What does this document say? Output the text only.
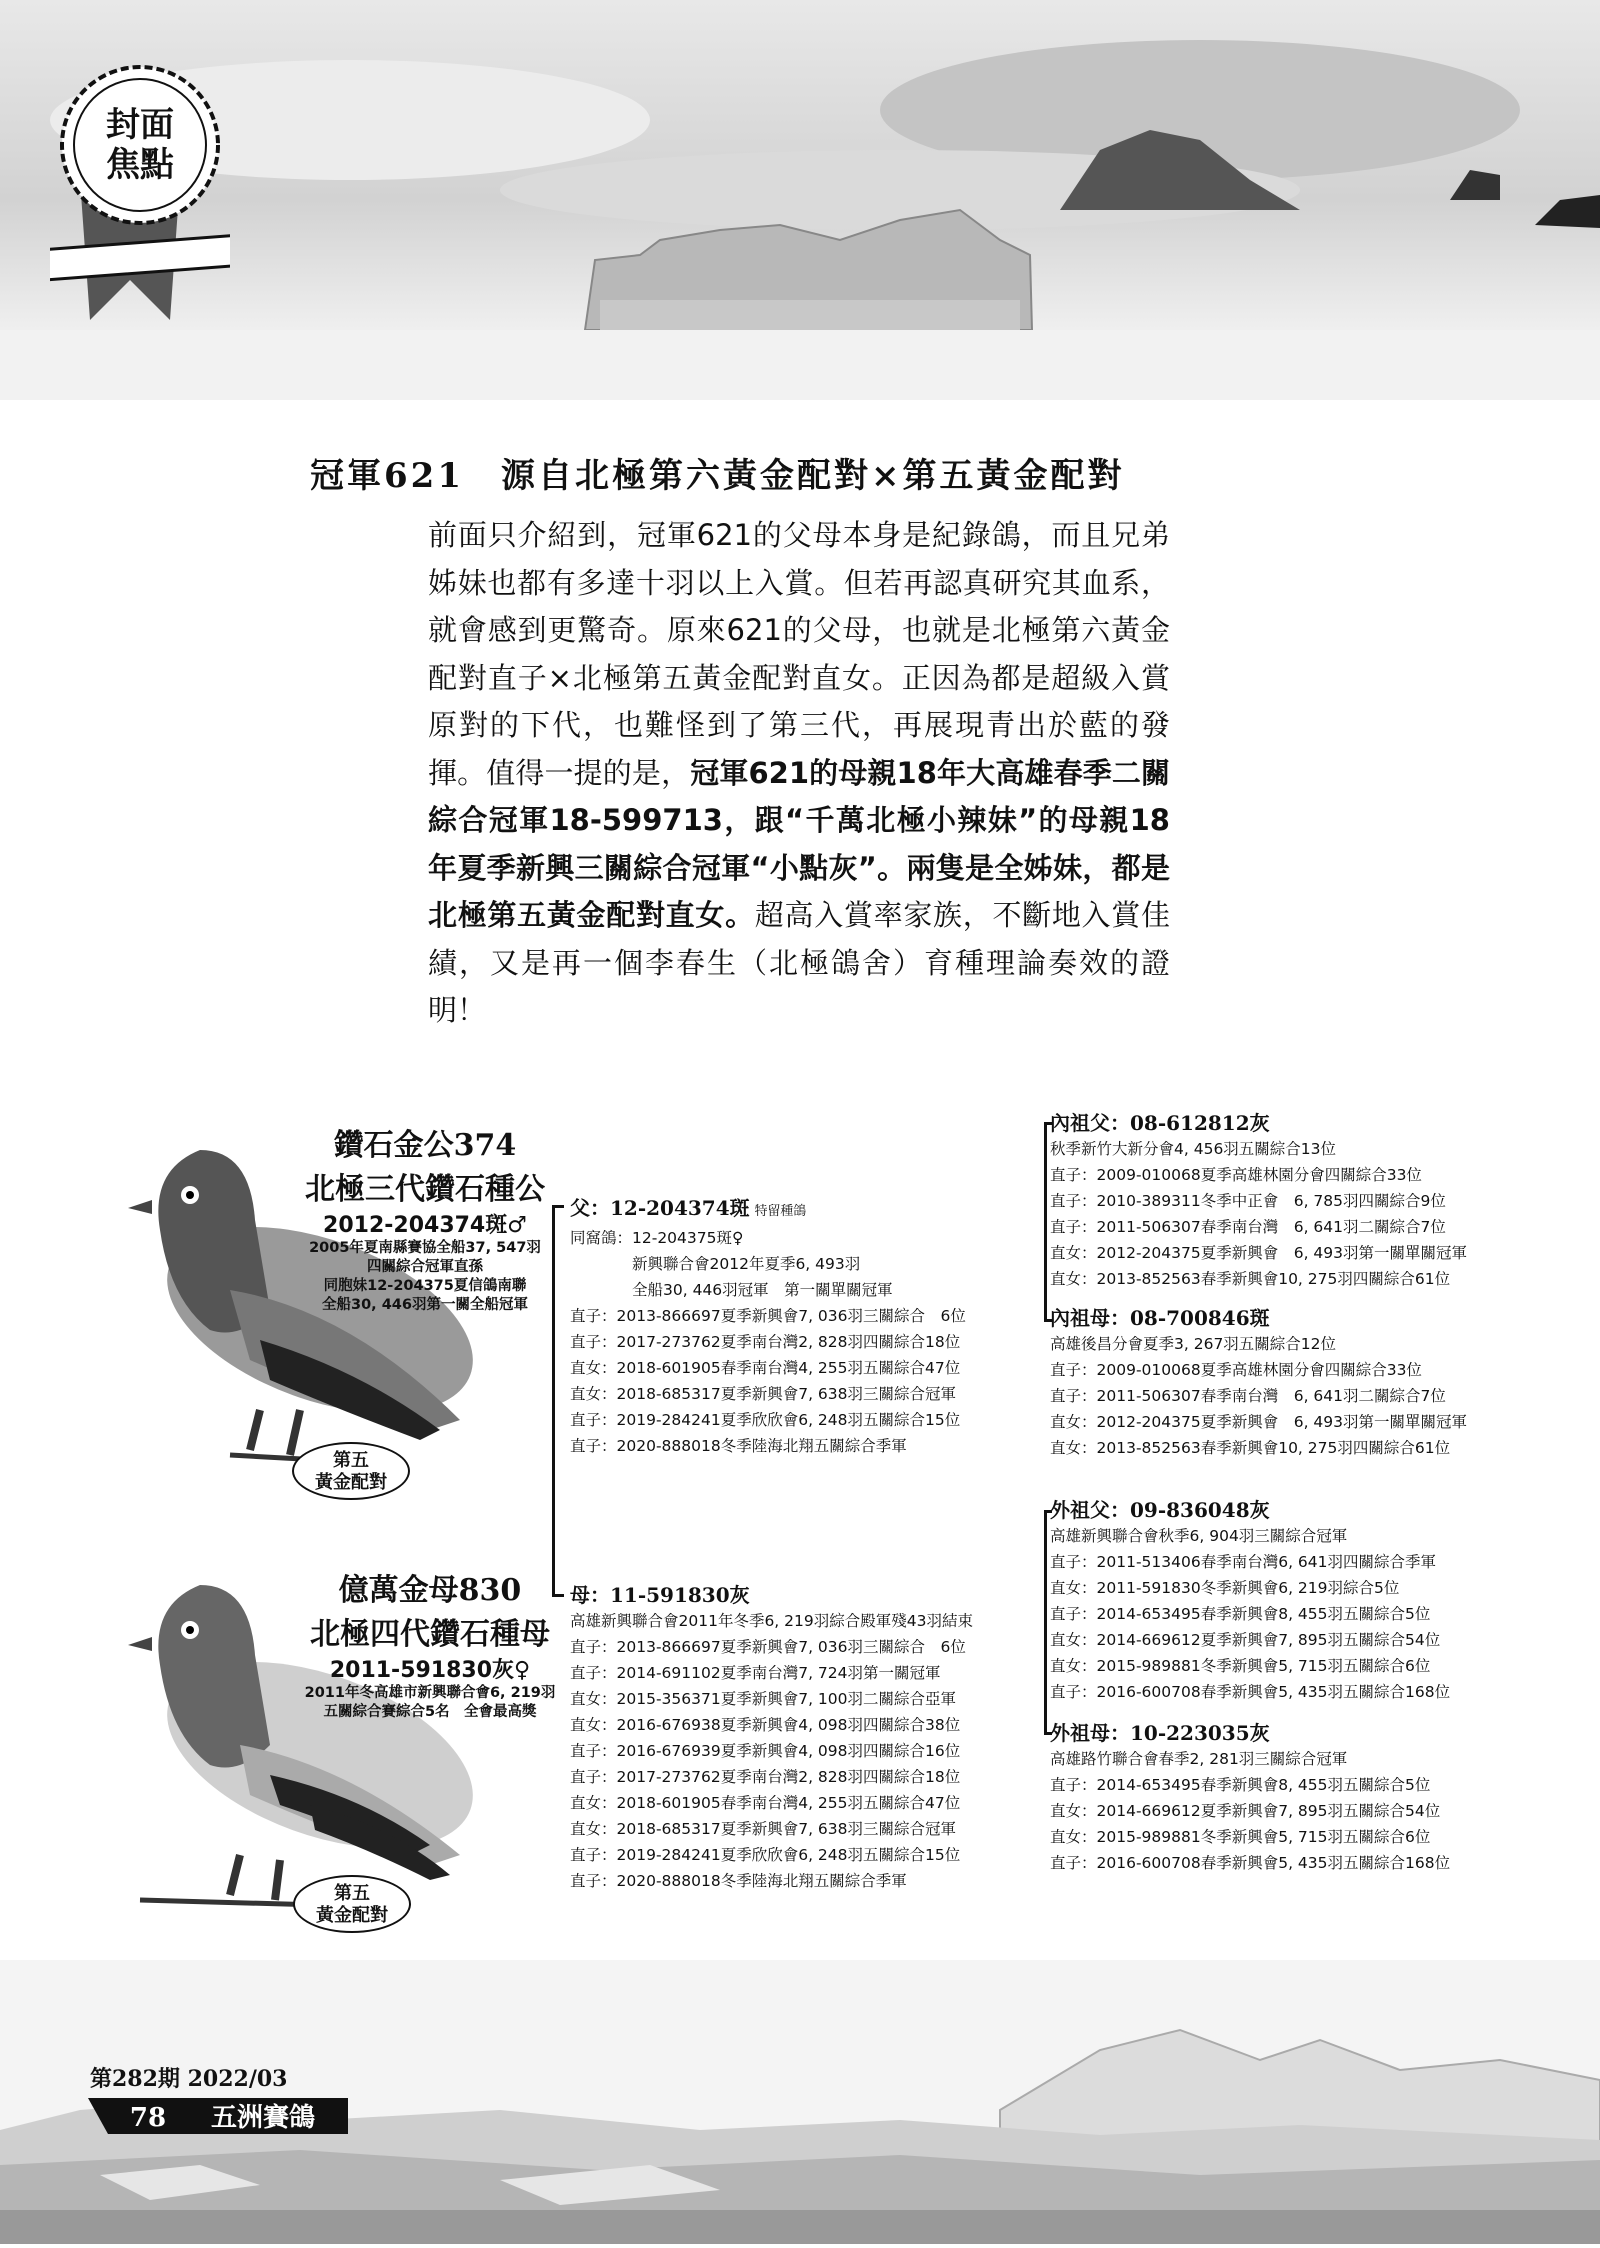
封面
焦點
冠軍621　源自北極第六黃金配對×第五黃金配對

前面只介紹到，冠軍621的父母本身是紀錄鴿，而且兄弟姊妹也都有多達十羽以上入賞。但若再認真研究其血系，就會感到更驚奇。原來621的父母，也就是北極第六黃金配對直子×北極第五黃金配對直女。正因為都是超級入賞原對的下代，也難怪到了第三代，再展現青出於藍的發揮。值得一提的是，冠軍621的母親18年大高雄春季二關綜合冠軍18-599713，跟“千萬北極小辣妹”的母親18年夏季新興三關綜合冠軍“小點灰”。兩隻是全姊妹，都是北極第五黃金配對直女。超高入賞率家族，不斷地入賞佳績，又是再一個李春生（北極鴿舍）育種理論奏效的證明！

鑽石金公374
北極三代鑽石種公
2012-204374斑♂
2005年夏南縣賽協全船37, 547羽
四關綜合冠軍直孫
同胞妹12-204375夏信鴿南聯
全船30, 446羽第一關全船冠軍
第五
黃金配對
億萬金母830
北極四代鑽石種母
2011-591830灰♀
2011年冬高雄市新興聯合會6, 219羽
五關綜合賽綜合5名　全會最高獎
第五
黃金配對
父：12-204374斑 特留種鴿
同窩鴿：12-204375斑♀
　　　　新興聯合會2012年夏季6, 493羽
　　　　全船30, 446羽冠軍　第一關單關冠軍
直子：2013-866697夏季新興會7, 036羽三關綜合　6位
直子：2017-273762夏季南台灣2, 828羽四關綜合18位
直女：2018-601905春季南台灣4, 255羽五關綜合47位
直女：2018-685317夏季新興會7, 638羽三關綜合冠軍
直子：2019-284241夏季欣欣會6, 248羽五關綜合15位
直子：2020-888018冬季陸海北翔五關綜合季軍
母：11-591830灰
高雄新興聯合會2011年冬季6, 219羽綜合殿軍殘43羽結束
直子：2013-866697夏季新興會7, 036羽三關綜合　6位
直子：2014-691102夏季南台灣7, 724羽第一關冠軍
直女：2015-356371夏季新興會7, 100羽二關綜合亞軍
直女：2016-676938夏季新興會4, 098羽四關綜合38位
直子：2016-676939夏季新興會4, 098羽四關綜合16位
直子：2017-273762夏季南台灣2, 828羽四關綜合18位
直女：2018-601905春季南台灣4, 255羽五關綜合47位
直女：2018-685317夏季新興會7, 638羽三關綜合冠軍
直子：2019-284241夏季欣欣會6, 248羽五關綜合15位
直子：2020-888018冬季陸海北翔五關綜合季軍
內祖父：08-612812灰
秋季新竹大新分會4, 456羽五關綜合13位
直子：2009-010068夏季高雄林園分會四關綜合33位
直子：2010-389311冬季中正會　6, 785羽四關綜合9位
直子：2011-506307春季南台灣　6, 641羽二關綜合7位
直女：2012-204375夏季新興會　6, 493羽第一關單關冠軍
直女：2013-852563春季新興會10, 275羽四關綜合61位
內祖母：08-700846斑
高雄後昌分會夏季3, 267羽五關綜合12位
直子：2009-010068夏季高雄林園分會四關綜合33位
直子：2011-506307春季南台灣　6, 641羽二關綜合7位
直女：2012-204375夏季新興會　6, 493羽第一關單關冠軍
直女：2013-852563春季新興會10, 275羽四關綜合61位
外祖父：09-836048灰
高雄新興聯合會秋季6, 904羽三關綜合冠軍
直子：2011-513406春季南台灣6, 641羽四關綜合季軍
直女：2011-591830冬季新興會6, 219羽綜合5位
直子：2014-653495春季新興會8, 455羽五關綜合5位
直女：2014-669612夏季新興會7, 895羽五關綜合54位
直女：2015-989881冬季新興會5, 715羽五關綜合6位
直子：2016-600708春季新興會5, 435羽五關綜合168位
外祖母：10-223035灰
高雄路竹聯合會春季2, 281羽三關綜合冠軍
直子：2014-653495春季新興會8, 455羽五關綜合5位
直女：2014-669612夏季新興會7, 895羽五關綜合54位
直女：2015-989881冬季新興會5, 715羽五關綜合6位
直子：2016-600708春季新興會5, 435羽五關綜合168位
第282期 2022/03
78 五洲賽鴿
